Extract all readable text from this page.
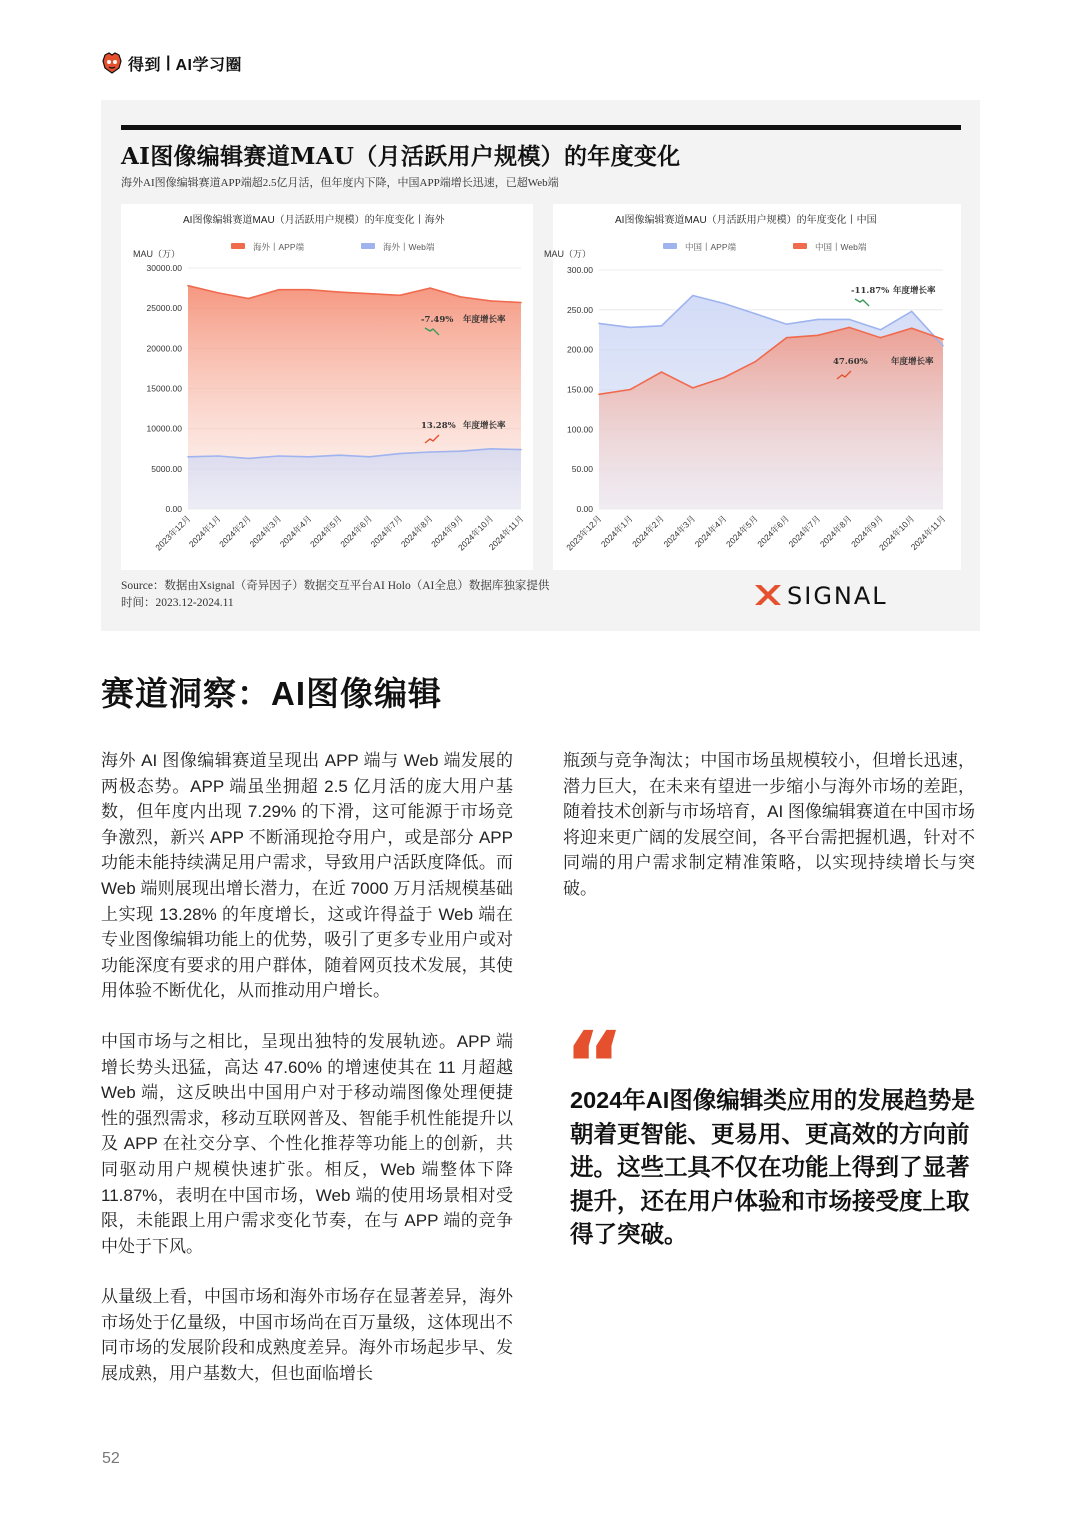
得到 | AI学习圈
AI图像编辑赛道MAU（月活跃用户规模）的年度变化
海外AI图像编辑赛道APP端超2.5亿月活，但年度内下降，中国APP端增长迅速，已超Web端
AI图像编辑赛道MAU（月活跃用户规模）的年度变化丨海外
MAU（万）
海外丨APP端	海外丨Web端
0.00
5000.00
10000.00
15000.00
20000.00
25000.00
30000.00
2023年12月
2024年1月
2024年2月
2024年3月
2024年4月
2024年5月
2024年6月
2024年7月
2024年8月
2024年9月
2024年10月
2024年11月
-7.49% 年度增长率
13.28% 年度增长率
AI图像编辑赛道MAU（月活跃用户规模）的年度变化丨中国
MAU（万）
中国丨APP端	中国丨Web端
0.00
50.00
100.00
150.00
200.00
250.00
300.00
2023年12月
2024年1月
2024年2月
2024年3月
2024年4月
2024年5月
2024年6月
2024年7月
2024年8月
2024年9月
2024年10月
2024年11月
-11.87% 年度增长率
47.60%	年度增长率
Source：数据由Xsignal（奇异因子）数据交互平台AI Holo（AI全息）数据库独家提供
时间：2023.12-2024.11	SIGNAL
赛道洞察：AI图像编辑

海外 AI 图像编辑赛道呈现出 APP 端与 Web 端发展的两极态势。APP 端虽坐拥超 2.5 亿月活的庞大用户基数，但年度内出现 7.29% 的下滑，这可能源于市场竞争激烈，新兴 APP 不断涌现抢夺用户，或是部分 APP 功能未能持续满足用户需求，导致用户活跃度降低。而 Web 端则展现出增长潜力，在近 7000 万月活规模基础上实现 13.28% 的年度增长，这或许得益于 Web 端在专业图像编辑功能上的优势，吸引了更多专业用户或对功能深度有要求的用户群体，随着网页技术发展，其使用体验不断优化，从而推动用户增长。

中国市场与之相比，呈现出独特的发展轨迹。APP 端增长势头迅猛，高达 47.60% 的增速使其在 11 月超越 Web 端，这反映出中国用户对于移动端图像处理便捷性的强烈需求，移动互联网普及、智能手机性能提升以及 APP 在社交分享、个性化推荐等功能上的创新，共同驱动用户规模快速扩张。相反，Web 端整体下降 11.87%，表明在中国市场，Web 端的使用场景相对受限，未能跟上用户需求变化节奏，在与 APP 端的竞争中处于下风。

从量级上看，中国市场和海外市场存在显著差异，海外市场处于亿量级，中国市场尚在百万量级，这体现出不同市场的发展阶段和成熟度差异。海外市场起步早、发展成熟，用户基数大，但也面临增长

瓶颈与竞争淘汰；中国市场虽规模较小，但增长迅速，潜力巨大，在未来有望进一步缩小与海外市场的差距，随着技术创新与市场培育，AI 图像编辑赛道在中国市场将迎来更广阔的发展空间，各平台需把握机遇，针对不同端的用户需求制定精准策略，以实现持续增长与突破。

“
2024年AI图像编辑类应用的发展趋势是朝着更智能、更易用、更高效的方向前进。这些工具不仅在功能上得到了显著提升，还在用户体验和市场接受度上取得了突破。
52
